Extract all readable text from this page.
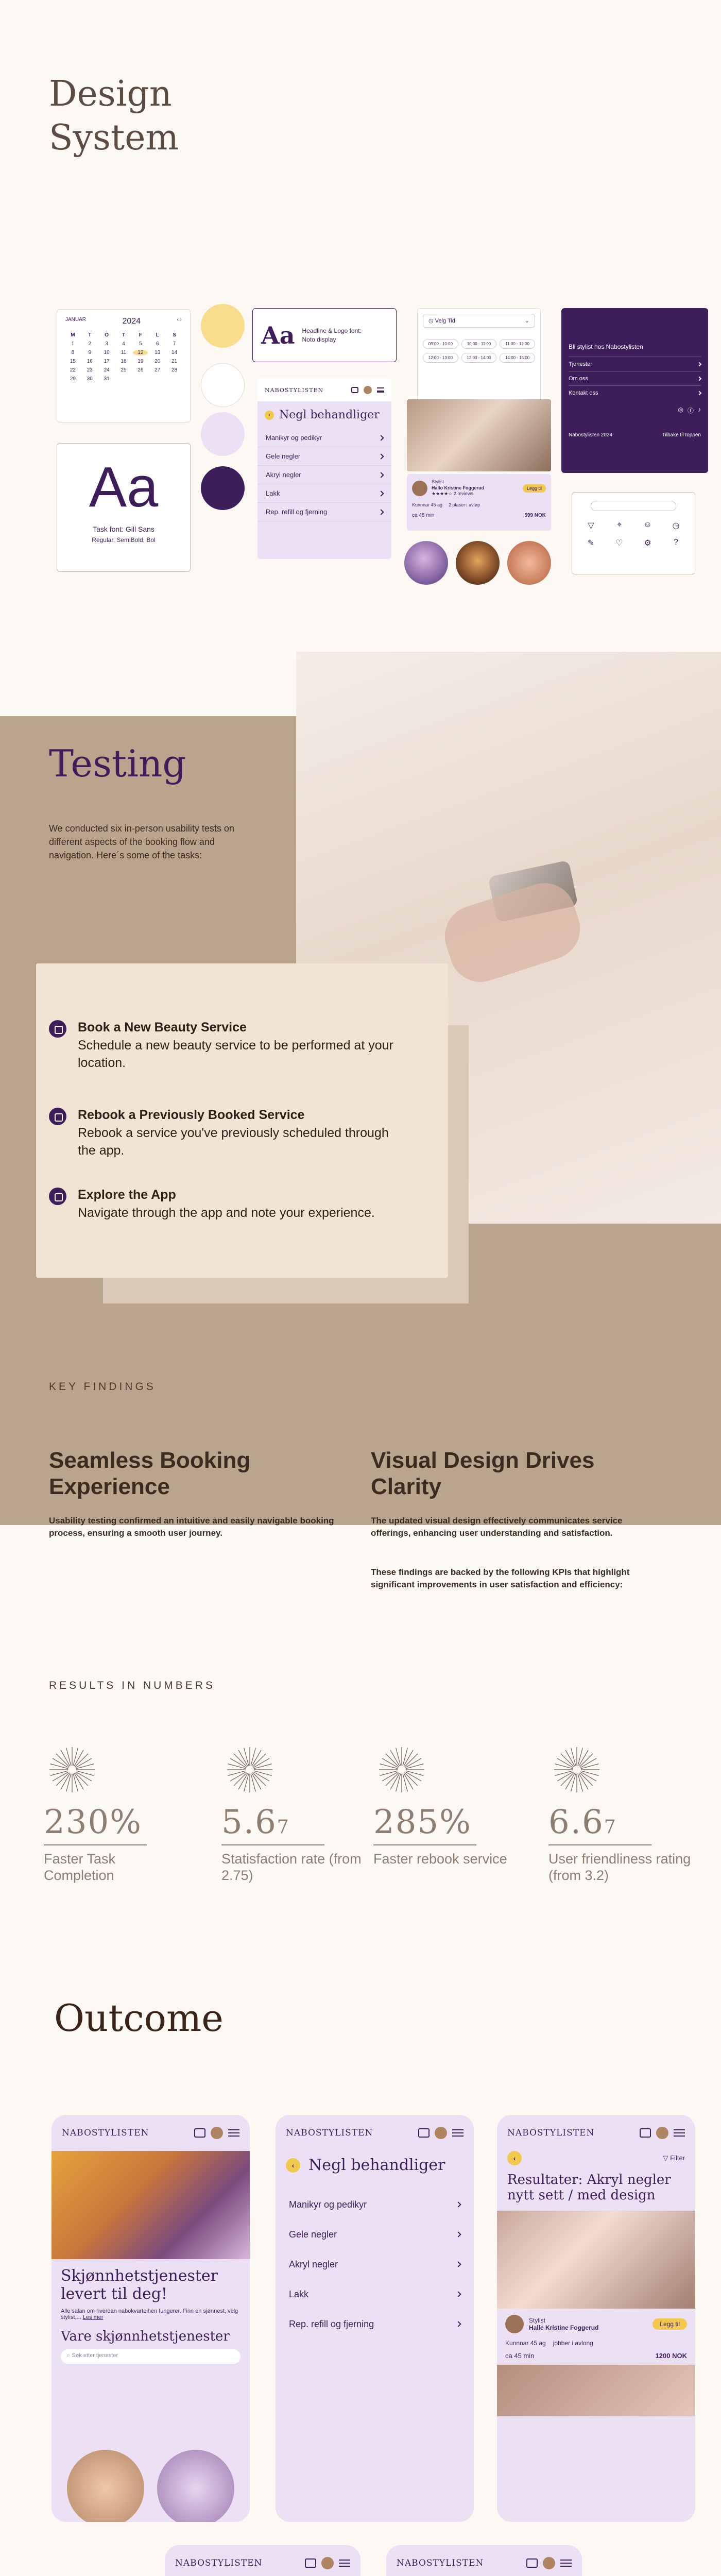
Design
System
JANUAR	2024	‹ ›
M	T	O	T	F	L	S
1	2	3	4	5	6	7
8	9	10	11	12	13	14
15	16	17	18	19	20	21
22	23	24	25	26	27	28
29	30	31
Aa Headline & Logo font:
Noto display
Aa
Task font: Gill Sans
Regular, SemiBold, Bol
◷ Velg Tid	⌄
09:00 - 10:00	10:00 - 11:00	11:00 - 12:00
12:00 - 13:00	13:00 - 14:00	14:00 - 15:00
NABOSTYLISTEN
‹ Negl behandliger
Manikyr og pedikyr
Gele negler
Akryl negler
Lakk
Rep. refill og fjerning
Stylist
Hallo Kristine Foggerud
★★★★☆ 2 reviews
Legg til
Kunnnar 45 ag 2 plaser i avløp
ca 45 min	599 NOK
Bli stylist hos Nabostylisten
Tjenester
Om oss
Kontakt oss
◎ ⓕ ♪
Nabostylisten 2024	Tilbake til toppen
▽	⌖	☺	◷
✎	♡	⚙	?
Testing

We conducted six in-person usability tests on different aspects of the booking flow and navigation. Here´s some of the tasks:

Book a New Beauty Service

Schedule a new beauty service to be performed at your location.

Rebook a Previously Booked Service

Rebook a service you've previously scheduled through the app.

Explore the App

Navigate through the app and note your experience.

KEY FINDINGS
Seamless Booking
Experience

Usability testing confirmed an intuitive and easily navigable booking process, ensuring a smooth user journey.

Visual Design Drives
Clarity

The updated visual design effectively communicates service offerings, enhancing user understanding and satisfaction.

These findings are backed by the following KPIs that highlight significant improvements in user satisfaction and efficiency:

RESULTS IN NUMBERS
230%
Faster Task Completion
5.67
Statisfaction rate (from 2.75)
285%
Faster rebook service
6.67
User friendliness rating (from 3.2)
Outcome
NABOSTYLISTEN
Skjønnhetstjenester levert til deg!
Alle salan om hverdan nabokvarteihen fungerer. Finn en sjønnest, velg stylist,... Les mer
Vare skjønnhetstjenester
⌕ Søk etter tjenester
NABOSTYLISTEN
‹ Negl behandliger
Manikyr og pedikyr
Gele negler
Akryl negler
Lakk
Rep. refill og fjerning
NABOSTYLISTEN
‹	▽ Filter
Resultater: Akryl negler
nytt sett / med design
Stylist
Halle Kristine Foggerud	Legg til
Kunnnar 45 ag jobber i avlong
ca 45 min	1200 NOK
NABOSTYLISTEN	NABOSTYLISTEN
